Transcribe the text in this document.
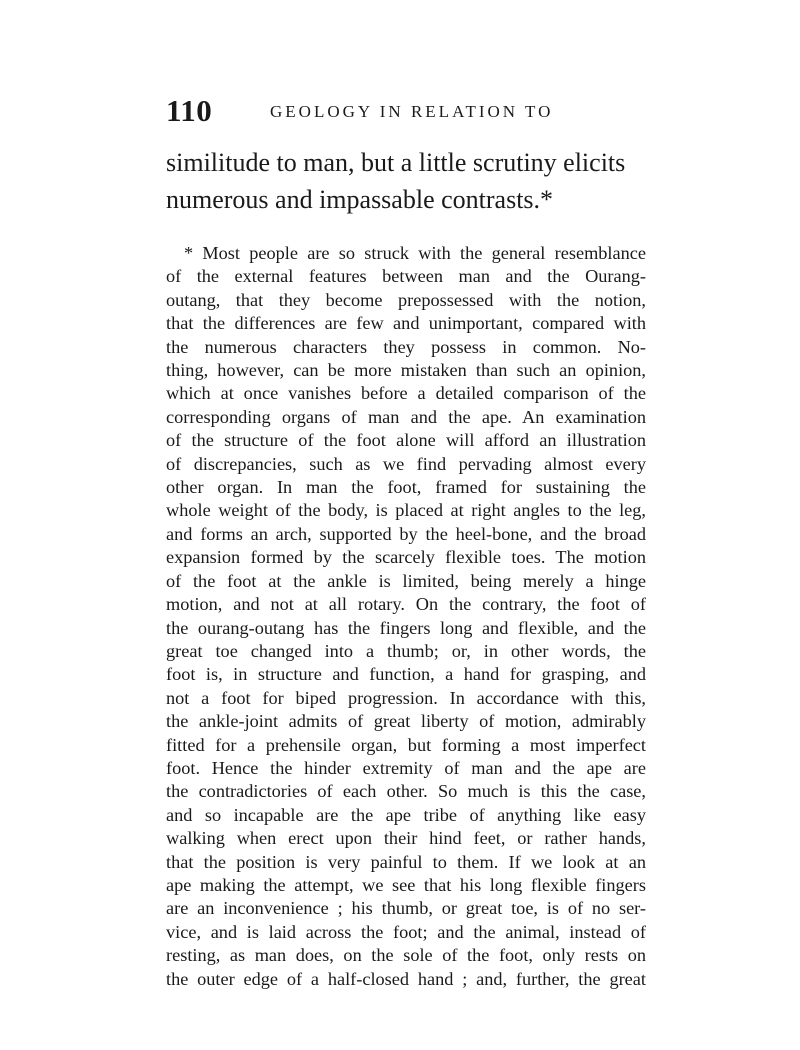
110	GEOLOGY IN RELATION TO

similitude to man, but a little scrutiny elicits
numerous and impassable contrasts.*

* Most people are so struck with the general resemblance
of the external features between man and the Ourang-
outang, that they become prepossessed with the notion,
that the differences are few and unimportant, compared with
the numerous characters they possess in common. No-
thing, however, can be more mistaken than such an opinion,
which at once vanishes before a detailed comparison of the
corresponding organs of man and the ape. An examination
of the structure of the foot alone will afford an illustration
of discrepancies, such as we find pervading almost every
other organ. In man the foot, framed for sustaining the
whole weight of the body, is placed at right angles to the leg,
and forms an arch, supported by the heel-bone, and the broad
expansion formed by the scarcely flexible toes. The motion
of the foot at the ankle is limited, being merely a hinge
motion, and not at all rotary. On the contrary, the foot of
the ourang-outang has the fingers long and flexible, and the
great toe changed into a thumb; or, in other words, the
foot is, in structure and function, a hand for grasping, and
not a foot for biped progression. In accordance with this,
the ankle-joint admits of great liberty of motion, admirably
fitted for a prehensile organ, but forming a most imperfect
foot. Hence the hinder extremity of man and the ape are
the contradictories of each other. So much is this the case,
and so incapable are the ape tribe of anything like easy
walking when erect upon their hind feet, or rather hands,
that the position is very painful to them. If we look at an
ape making the attempt, we see that his long flexible fingers
are an inconvenience ; his thumb, or great toe, is of no ser-
vice, and is laid across the foot; and the animal, instead of
resting, as man does, on the sole of the foot, only rests on
the outer edge of a half-closed hand ; and, further, the great
